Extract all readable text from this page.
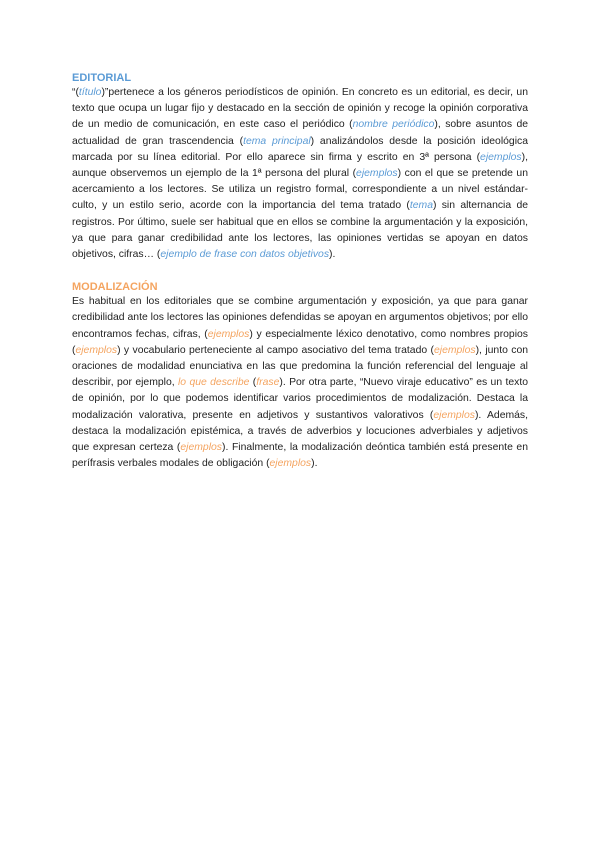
EDITORIAL

“(título)”pertenece a los géneros periodísticos de opinión. En concreto es un editorial, es decir, un texto que ocupa un lugar fijo y destacado en la sección de opinión y recoge la opinión corporativa de un medio de comunicación, en este caso el periódico (nombre periódico), sobre asuntos de actualidad de gran trascendencia (tema principal) analizándolos desde la posición ideológica marcada por su línea editorial. Por ello aparece sin firma y escrito en 3ª persona (ejemplos), aunque observemos un ejemplo de la 1ª persona del plural (ejemplos) con el que se pretende un acercamiento a los lectores. Se utiliza un registro formal, correspondiente a un nivel estándar-culto, y un estilo serio, acorde con la importancia del tema tratado (tema) sin alternancia de registros. Por último, suele ser habitual que en ellos se combine la argumentación y la exposición, ya que para ganar credibilidad ante los lectores, las opiniones vertidas se apoyan en datos objetivos, cifras… (ejemplo de frase con datos objetivos).

MODALIZACIÓN

Es habitual en los editoriales que se combine argumentación y exposición, ya que para ganar credibilidad ante los lectores las opiniones defendidas se apoyan en argumentos objetivos; por ello encontramos fechas, cifras, (ejemplos) y especialmente léxico denotativo, como nombres propios (ejemplos) y vocabulario perteneciente al campo asociativo del tema tratado (ejemplos), junto con oraciones de modalidad enunciativa en las que predomina la función referencial del lenguaje al describir, por ejemplo, lo que describe (frase). Por otra parte, “Nuevo viraje educativo” es un texto de opinión, por lo que podemos identificar varios procedimientos de modalización. Destaca la modalización valorativa, presente en adjetivos y sustantivos valorativos (ejemplos). Además, destaca la modalización epistémica, a través de adverbios y locuciones adverbiales y adjetivos que expresan certeza (ejemplos). Finalmente, la modalización deóntica también está presente en perífrasis verbales modales de obligación (ejemplos).
